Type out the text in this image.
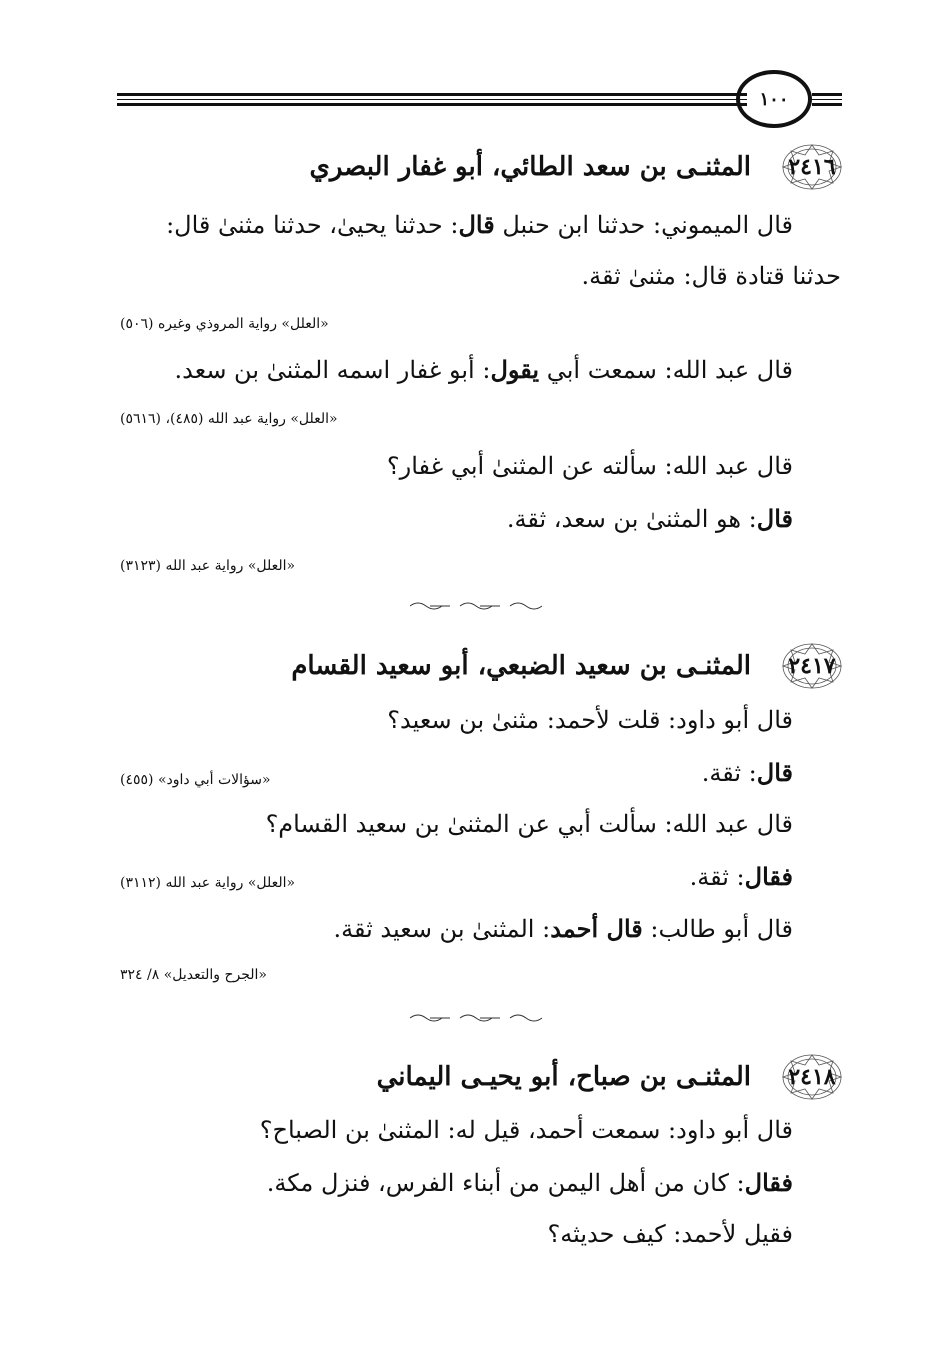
١٠٠
٢٤١٦
المثنـى بن سعد الطائي، أبو غفار البصري
قال الميموني: حدثنا ابن حنبل قال: حدثنا يحيىٰ، حدثنا مثنىٰ قال:
حدثنا قتادة قال: مثنىٰ ثقة.
«العلل» رواية المروذي وغيره (٥٠٦)
قال عبد الله: سمعت أبي يقول: أبو غفار اسمه المثنىٰ بن سعد.
«العلل» رواية عبد الله (٤٨٥)، (٥٦١٦)
قال عبد الله: سألته عن المثنىٰ أبي غفار؟
قال: هو المثنىٰ بن سعد، ثقة.
«العلل» رواية عبد الله (٣١٢٣)
٢٤١٧
المثنـى بن سعيد الضبعي، أبو سعيد القسام
قال أبو داود: قلت لأحمد: مثنىٰ بن سعيد؟
قال: ثقة.
«سؤالات أبي داود» (٤٥٥)
قال عبد الله: سألت أبي عن المثنىٰ بن سعيد القسام؟
فقال: ثقة.
«العلل» رواية عبد الله (٣١١٢)
قال أبو طالب: قال أحمد: المثنىٰ بن سعيد ثقة.
«الجرح والتعديل» ٨/ ٣٢٤
٢٤١٨
المثنـى بن صباح، أبو يحيـى اليماني
قال أبو داود: سمعت أحمد، قيل له: المثنىٰ بن الصباح؟
فقال: كان من أهل اليمن من أبناء الفرس، فنزل مكة.
فقيل لأحمد: كيف حديثه؟
